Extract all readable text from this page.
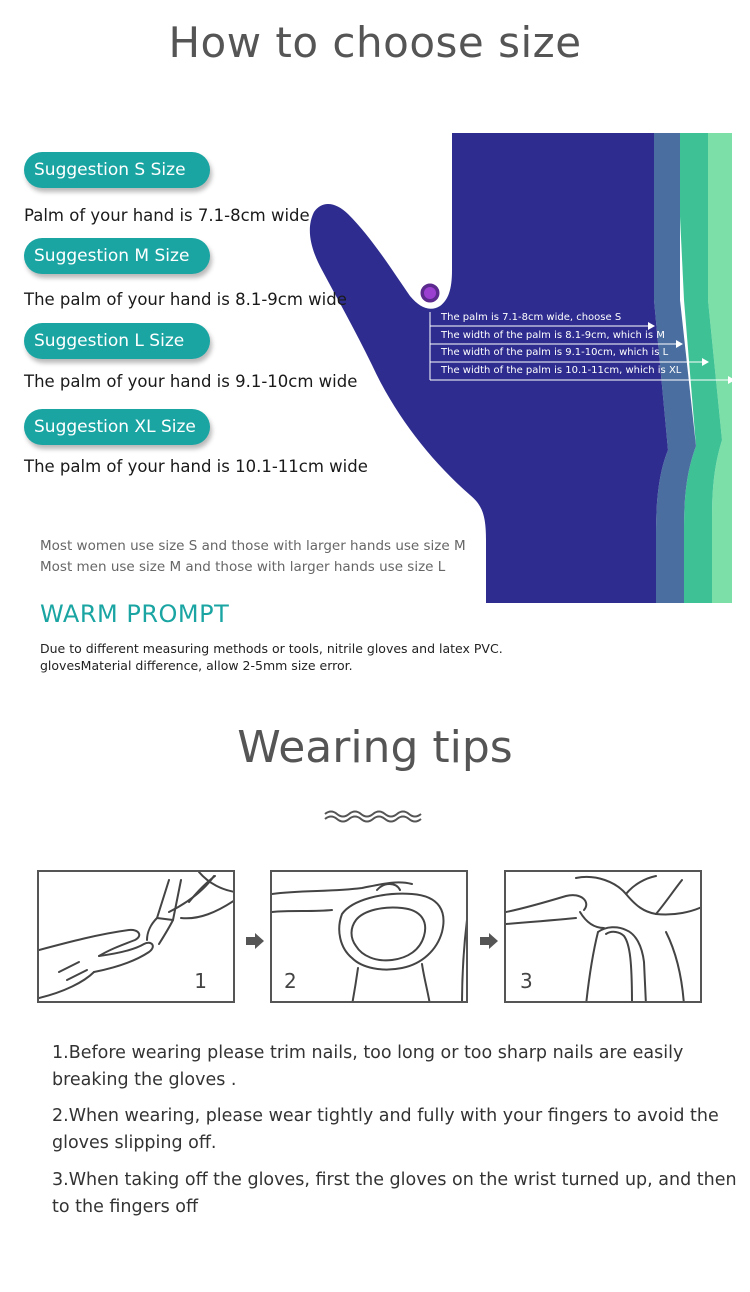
How to choose size
The palm is 7.1-8cm wide, choose S
The width of the palm is 8.1-9cm, which is M
The width of the palm is 9.1-10cm, which is L
The width of the palm is 10.1-11cm, which is XL
Suggestion S Size
Palm of your hand is 7.1-8cm wide
Suggestion M Size
The palm of your hand is 8.1-9cm wide
Suggestion L Size
The palm of your hand is 9.1-10cm wide
Suggestion XL Size
The palm of your hand is 10.1-11cm wide
Most women use size S and those with larger hands use size M
Most men use size M and those with larger hands use size L
WARM PROMPT
Due to different measuring methods or tools, nitrile gloves and latex PVC.
glovesMaterial difference, allow 2-5mm size error.
Wearing tips
1	2	3
1.Before wearing please trim nails, too long or too sharp nails are easily breaking the gloves .
2.When wearing, please wear tightly and fully with your fingers to avoid the gloves slipping off.
3.When taking off the gloves, first the gloves on the wrist turned up, and then to the fingers off
